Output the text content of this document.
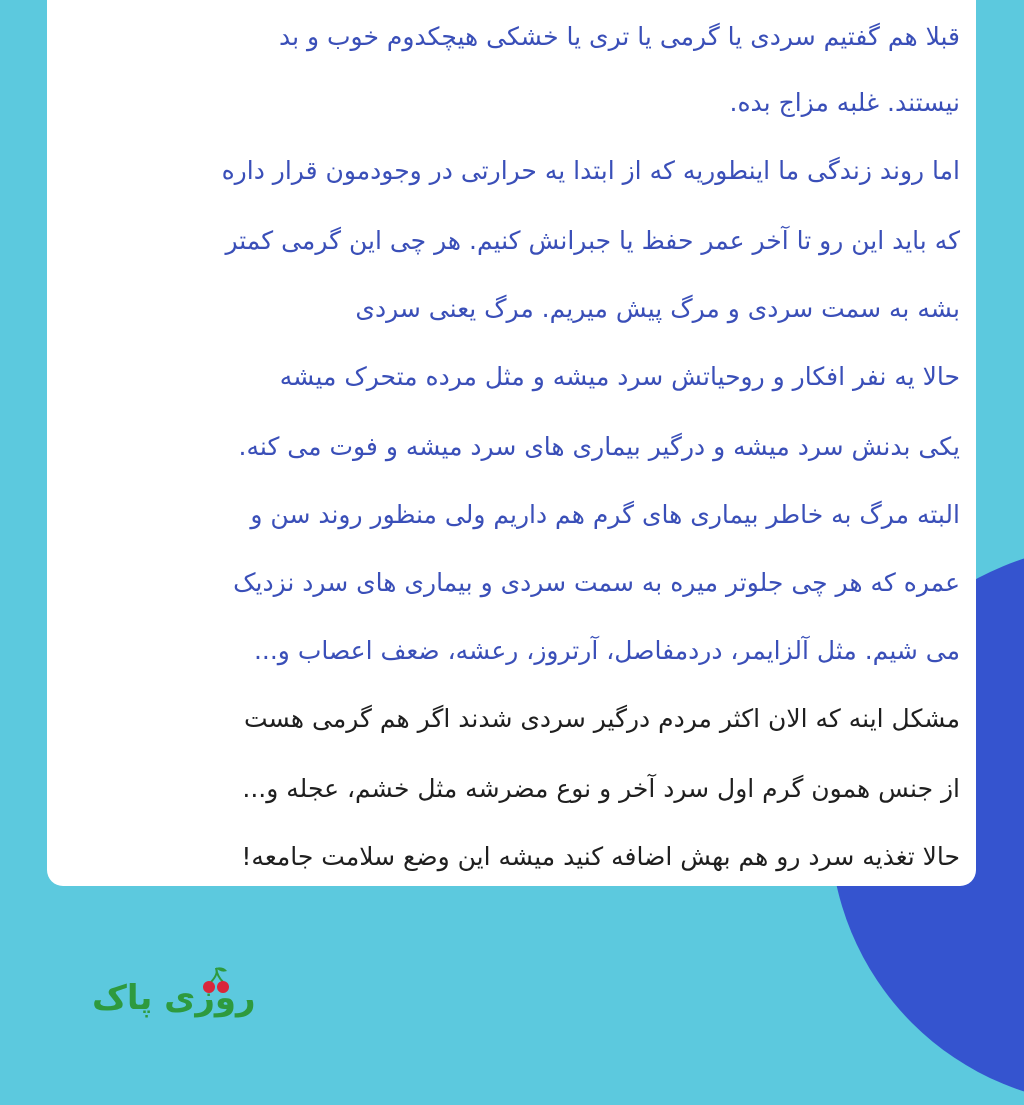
قبلا هم گفتیم سردی یا گرمی یا تری یا خشکی هیچکدوم خوب و بد
نیستند. غلبه مزاج بده.
اما روند زندگی ما اینطوریه که از ابتدا یه حرارتی در وجودمون قرار داره
که باید این رو تا آخر عمر حفظ یا جبرانش کنیم. هر چی این گرمی کمتر
بشه به سمت سردی و مرگ پیش میریم. مرگ یعنی سردی
حالا یه نفر افکار و روحیاتش سرد میشه و مثل مرده متحرک میشه
یکی بدنش سرد میشه و درگیر بیماری های سرد میشه و فوت می کنه.
البته مرگ به خاطر بیماری های گرم هم داریم ولی منظور روند سن و
عمره که هر چی جلوتر میره به سمت سردی و بیماری های سرد نزدیک
می شیم. مثل آلزایمر، دردمفاصل، آرتروز، رعشه، ضعف اعصاب و...
مشکل اینه که الان اکثر مردم درگیر سردی شدند اگر هم گرمی هست
از جنس همون گرم اول سرد آخر و نوع مضرشه مثل خشم، عجله و...
حالا تغذیه سرد رو هم بهش اضافه کنید میشه این وضع سلامت جامعه!
روزی پاک
